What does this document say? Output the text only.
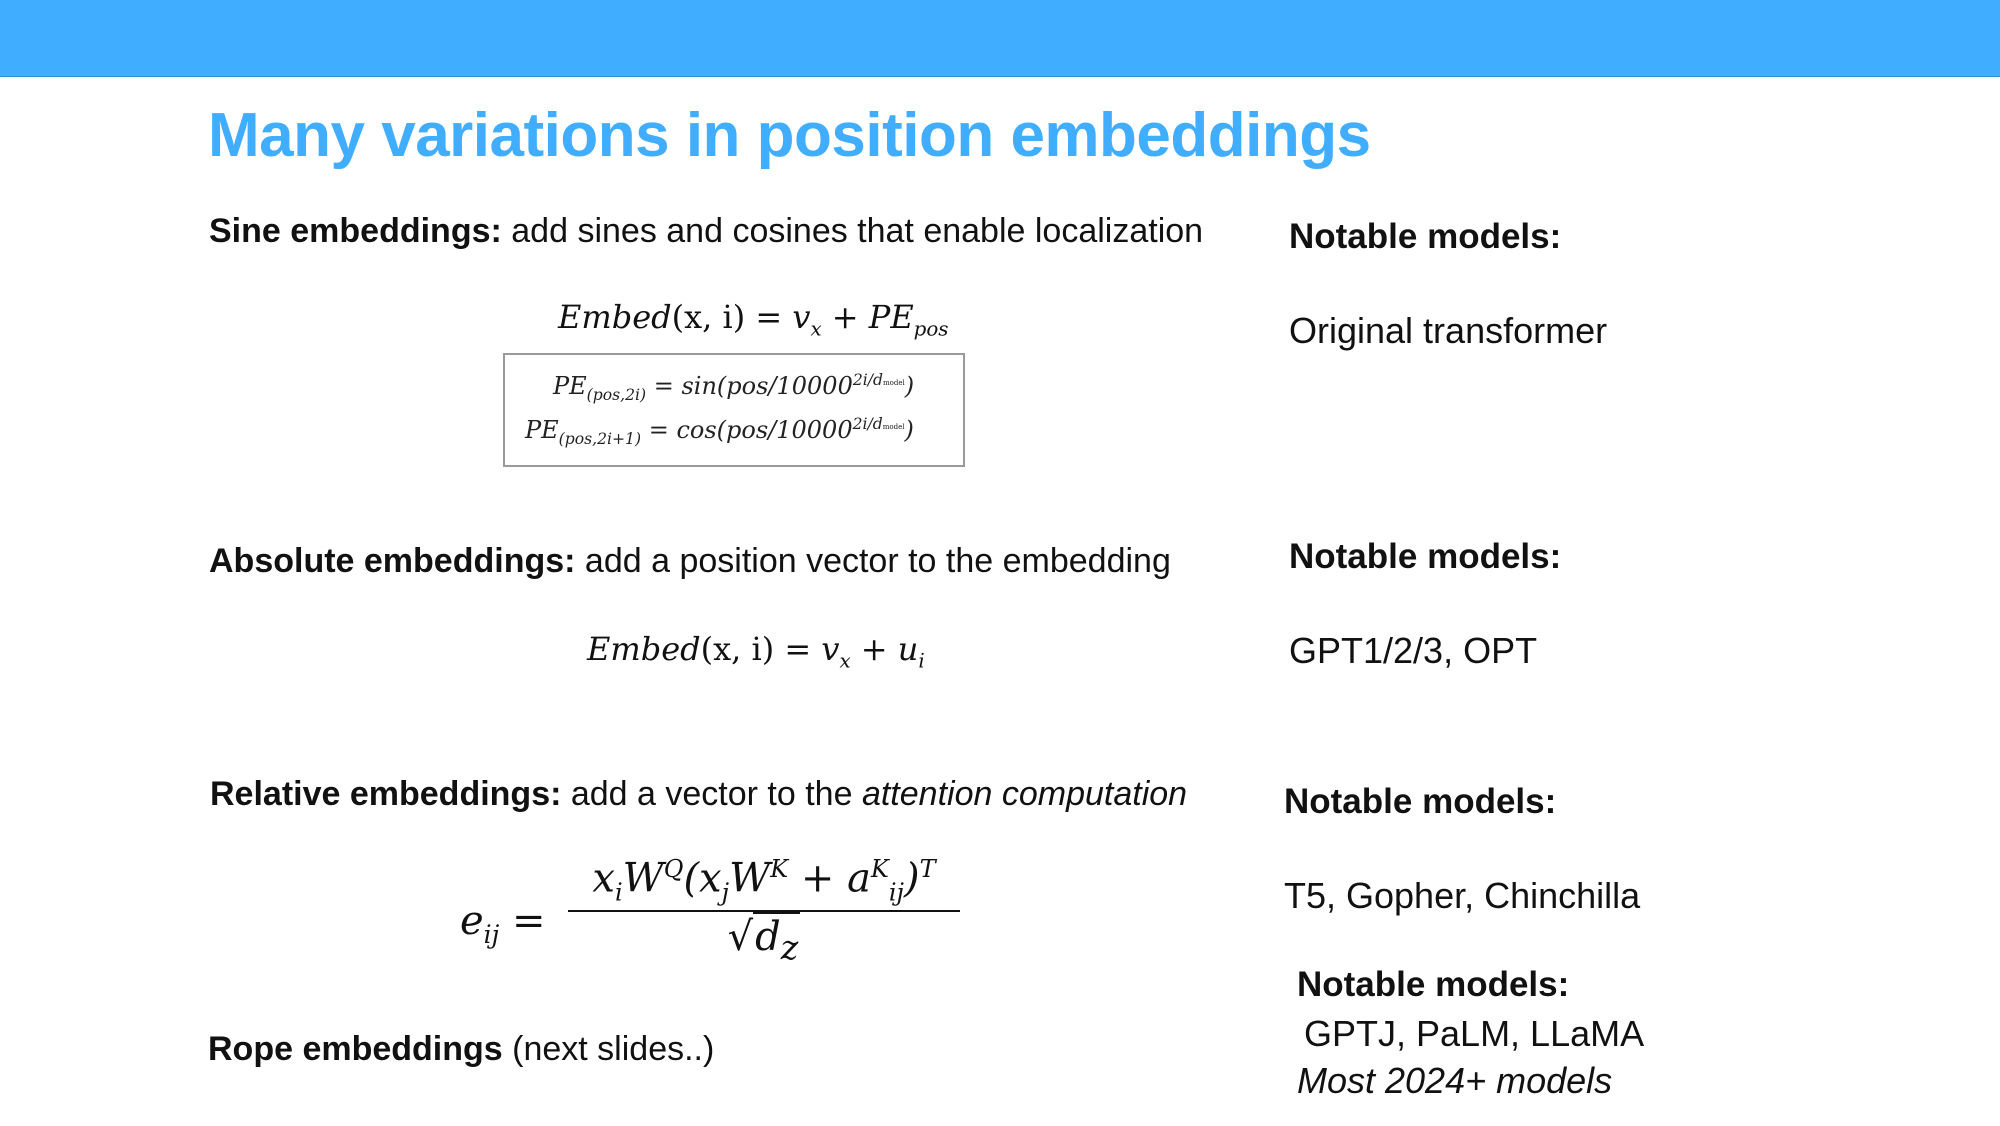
Many variations in position embeddings
Sine embeddings: add sines and cosines that enable localization Notable models:
Original transformer
Embed(x, $i) = v_x + PE_{pos}$
$PE_{(pos,2i)} = \sin(pos/10000^{2i/dmodel})$
$PE_{(pos,2i+1)} = \cos(pos/10000^{2i/dmodel})$
Absolute embeddings: add a position vector to the embedding	Notable models:
GPT1/2/3, OPT
Embed(x, $i) = v_x + u_i$
Relative embeddings: add a vector to the attention computation	Notable models:
T5, Gopher, Chinchilla
$e_{ij}$ =
$x_iW^Q(x_jW^K + a^K_{ij})^T$
$√d_z$
Rope embeddings (next slides..)
Notable models:
GPTJ, PaLM, LLaMA
Most 2024+ models
